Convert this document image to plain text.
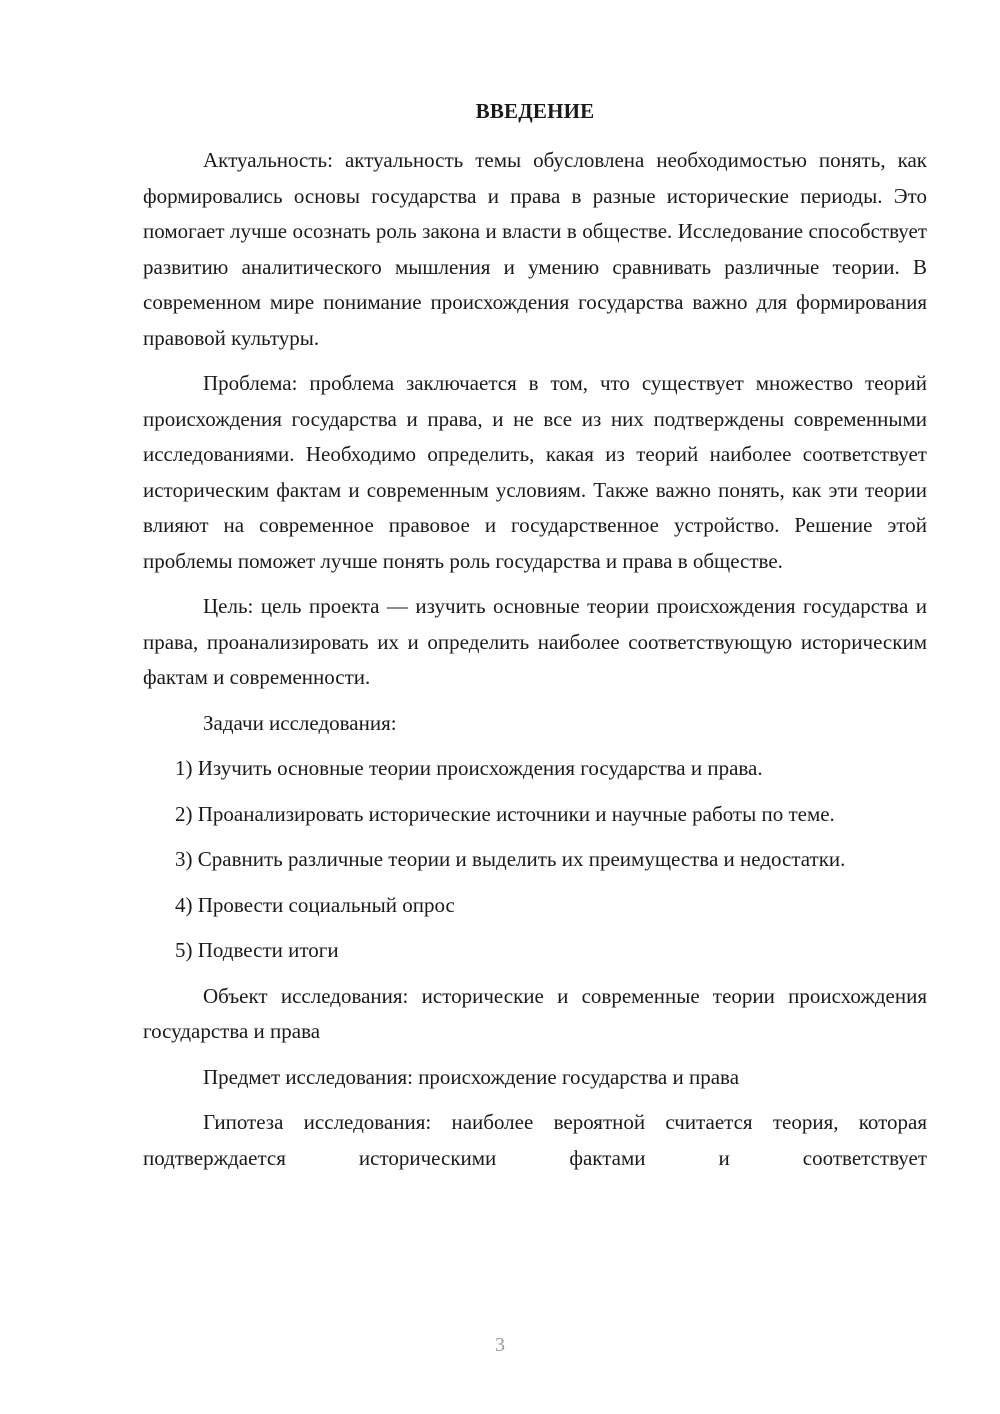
ВВЕДЕНИЕ

Актуальность: актуальность темы обусловлена необходимостью понять, как формировались основы государства и права в разные исторические периоды. Это помогает лучше осознать роль закона и власти в обществе. Исследование способствует развитию аналитического мышления и умению сравнивать различные теории. В современном мире понимание происхождения государства важно для формирования правовой культуры.

Проблема: проблема заключается в том, что существует множество теорий происхождения государства и права, и не все из них подтверждены современными исследованиями. Необходимо определить, какая из теорий наиболее соответствует историческим фактам и современным условиям. Также важно понять, как эти теории влияют на современное правовое и государственное устройство. Решение этой проблемы поможет лучше понять роль государства и права в обществе.

Цель: цель проекта — изучить основные теории происхождения государства и права, проанализировать их и определить наиболее соответствующую историческим фактам и современности.

Задачи исследования:

1) Изучить основные теории происхождения государства и права.

2) Проанализировать исторические источники и научные работы по теме.

3) Сравнить различные теории и выделить их преимущества и недостатки.

4) Провести социальный опрос

5) Подвести итоги

Объект исследования: исторические и современные теории происхождения государства и права

Предмет исследования: происхождение государства и права

Гипотеза исследования: наиболее вероятной считается теория, которая подтверждается историческими фактами и соответствует

3
